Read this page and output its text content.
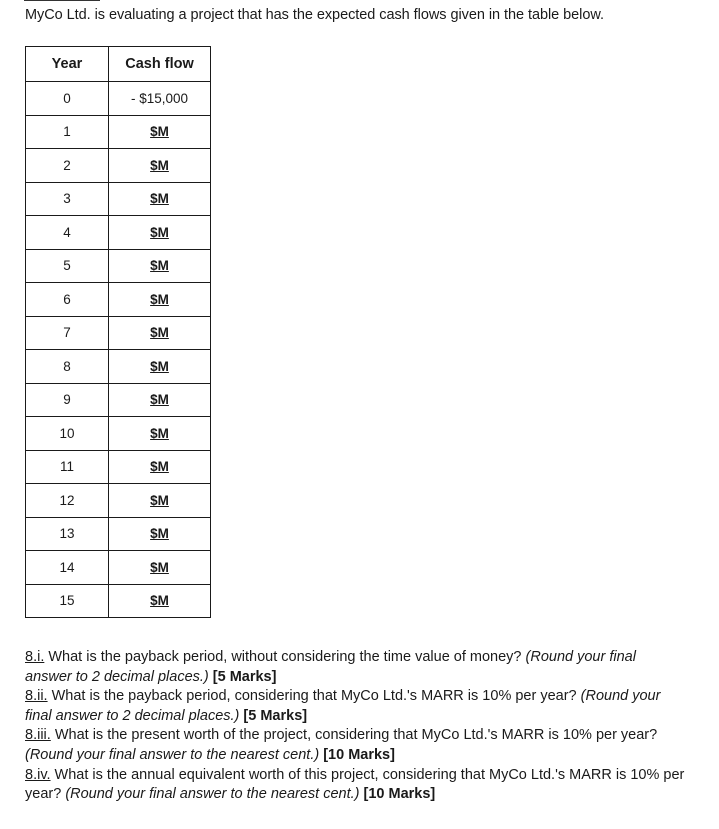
MyCo Ltd. is evaluating a project that has the expected cash flows given in the table below.
Year	Cash flow
0	- $15,000
1	$M
2	$M
3	$M
4	$M
5	$M
6	$M
7	$M
8	$M
9	$M
10	$M
11	$M
12	$M
13	$M
14	$M
15	$M

8.i. What is the payback period, without considering the time value of money? (Round your final answer to 2 decimal places.) [5 Marks]

8.ii. What is the payback period, considering that MyCo Ltd.'s MARR is 10% per year? (Round your final answer to 2 decimal places.) [5 Marks]

8.iii. What is the present worth of the project, considering that MyCo Ltd.'s MARR is 10% per year? (Round your final answer to the nearest cent.) [10 Marks]

8.iv. What is the annual equivalent worth of this project, considering that MyCo Ltd.'s MARR is 10% per year? (Round your final answer to the nearest cent.) [10 Marks]
